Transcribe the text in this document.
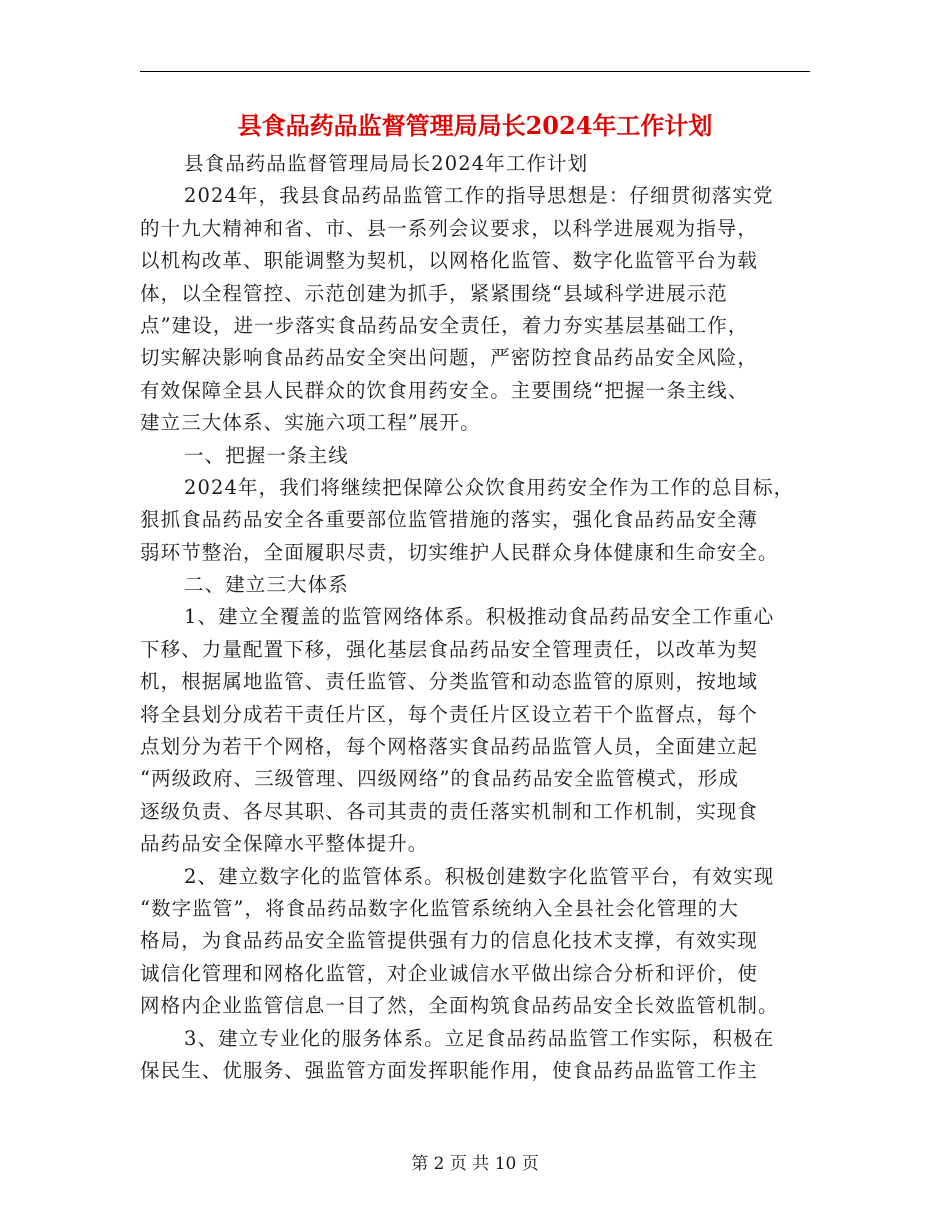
县食品药品监督管理局局长2024年工作计划
县食品药品监督管理局局长2024年工作计划
2024年，我县食品药品监管工作的指导思想是：仔细贯彻落实党
的十九大精神和省、市、县一系列会议要求，以科学进展观为指导，
以机构改革、职能调整为契机，以网格化监管、数字化监管平台为载
体，以全程管控、示范创建为抓手，紧紧围绕“县域科学进展示范
点”建设，进一步落实食品药品安全责任，着力夯实基层基础工作，
切实解决影响食品药品安全突出问题，严密防控食品药品安全风险，
有效保障全县人民群众的饮食用药安全。主要围绕“把握一条主线、
建立三大体系、实施六项工程”展开。
一、把握一条主线
2024年，我们将继续把保障公众饮食用药安全作为工作的总目标，
狠抓食品药品安全各重要部位监管措施的落实，强化食品药品安全薄
弱环节整治，全面履职尽责，切实维护人民群众身体健康和生命安全。
二、建立三大体系
1、建立全覆盖的监管网络体系。积极推动食品药品安全工作重心
下移、力量配置下移，强化基层食品药品安全管理责任，以改革为契
机，根据属地监管、责任监管、分类监管和动态监管的原则，按地域
将全县划分成若干责任片区，每个责任片区设立若干个监督点，每个
点划分为若干个网格，每个网格落实食品药品监管人员，全面建立起
“两级政府、三级管理、四级网络”的食品药品安全监管模式，形成
逐级负责、各尽其职、各司其责的责任落实机制和工作机制，实现食
品药品安全保障水平整体提升。
2、建立数字化的监管体系。积极创建数字化监管平台，有效实现
“数字监管”，将食品药品数字化监管系统纳入全县社会化管理的大
格局，为食品药品安全监管提供强有力的信息化技术支撑，有效实现
诚信化管理和网格化监管，对企业诚信水平做出综合分析和评价，使
网格内企业监管信息一目了然，全面构筑食品药品安全长效监管机制。
3、建立专业化的服务体系。立足食品药品监管工作实际，积极在
保民生、优服务、强监管方面发挥职能作用，使食品药品监管工作主
第 2 页 共 10 页
